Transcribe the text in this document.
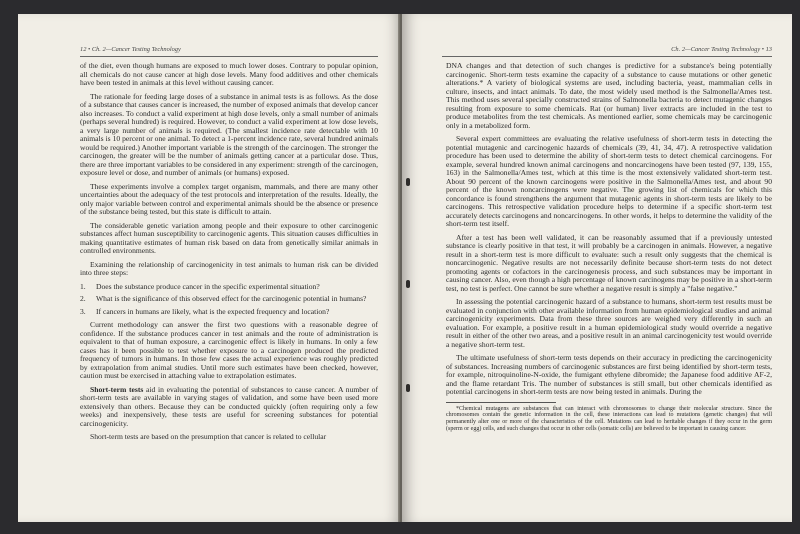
12 • Ch. 2—Cancer Testing Technology

of the diet, even though humans are exposed to much lower doses. Contrary to popular opinion, all chemicals do not cause cancer at high dose levels. Many food additives and other chemicals have been tested in animals at this level without causing cancer.

The rationale for feeding large doses of a substance in animal tests is as follows. As the dose of a substance that causes cancer is increased, the number of exposed animals that develop cancer also increases. To conduct a valid experiment at high dose levels, only a small number of animals (perhaps several hundred) is required. However, to conduct a valid experiment at low dose levels, a very large number of animals is required. (The smallest incidence rate detectable with 10 animals is 10 percent or one animal. To detect a 1-percent incidence rate, several hundred animals would be required.) Another important variable is the strength of the carcinogen. The stronger the carcinogen, the greater will be the number of animals getting cancer at a particular dose. Thus, there are three important variables to be considered in any experiment: strength of the carcinogen, exposure level or dose, and number of animals (or humans) exposed.

These experiments involve a complex target organism, mammals, and there are many other uncertainties about the adequacy of the test protocols and interpretation of the results. Ideally, the only major variable between control and experimental animals should be the absence or presence of the substance being tested, but this state is difficult to attain.

The considerable genetic variation among people and their exposure to other carcinogenic substances affect human susceptibility to carcinogenic agents. This situation causes difficulties in making quantitative estimates of human risk based on data from genetically similar animals in controlled environments.

Examining the relationship of carcinogenicity in test animals to human risk can be divided into three steps:

1.	Does the substance produce cancer in the specific experimental situation?
2.	What is the significance of this observed effect for the carcinogenic potential in humans?
3.	If cancers in humans are likely, what is the expected frequency and location?

Current methodology can answer the first two questions with a reasonable degree of confidence. If the substance produces cancer in test animals and the route of administration is equivalent to that of human exposure, a carcinogenic effect is likely in humans. In only a few cases has it been possible to test whether exposure to a carcinogen produced the predicted frequency of tumors in humans. In those few cases the actual experience was roughly predicted by extrapolation from animal studies. Until more such estimates have been checked, however, caution must be exercised in attaching value to extrapolation estimates.

Short-term tests aid in evaluating the potential of substances to cause cancer. A number of short-term tests are available in varying stages of validation, and some have been used more extensively than others. Because they can be conducted quickly (often requiring only a few weeks) and inexpensively, these tests are useful for screening substances for potential carcinogenicity.

Short-term tests are based on the presumption that cancer is related to cellular

Ch. 2—Cancer Testing Technology • 13

DNA changes and that detection of such changes is predictive for a substance's being potentially carcinogenic. Short-term tests examine the capacity of a substance to cause mutations or other genetic alterations.* A variety of biological systems are used, including bacteria, yeast, mammalian cells in culture, insects, and intact animals. To date, the most widely used method is the Salmonella/Ames test. This method uses several specially constructed strains of Salmonella bacteria to detect mutagenic changes resulting from exposure to some chemicals. Rat (or human) liver extracts are included in the test to produce metabolites from the test chemicals. As mentioned earlier, some chemicals may be carcinogenic only in a metabolized form.

Several expert committees are evaluating the relative usefulness of short-term tests in detecting the potential mutagenic and carcinogenic hazards of chemicals (39, 41, 34, 47). A retrospective validation procedure has been used to determine the ability of short-term tests to detect chemical carcinogens. For example, several hundred known animal carcinogens and noncarcinogens have been tested (97, 139, 155, 163) in the Salmonella/Ames test, which at this time is the most extensively validated short-term test. About 90 percent of the known carcinogens were positive in the Salmonella/Ames test, and about 90 percent of the known noncarcinogens were negative. The growing list of chemicals for which this concordance is found strengthens the argument that mutagenic agents in short-term tests are likely to be carcinogens. This retrospective validation procedure helps to determine if a specific short-term test accurately detects carcinogens and noncarcinogens. In other words, it helps to determine the validity of the short-term test itself.

After a test has been well validated, it can be reasonably assumed that if a previously untested substance is clearly positive in that test, it will probably be a carcinogen in animals. However, a negative result in a short-term test is more difficult to evaluate: such a result only suggests that the chemical is noncarcinogenic. Negative results are not necessarily definite because short-term tests do not detect promoting agents or cofactors in the carcinogenesis process, and such substances may be important in causing cancer. Also, even though a high percentage of known carcinogens may be positive in a short-term test, no test is perfect. One cannot be sure whether a negative result is simply a "false negative."

In assessing the potential carcinogenic hazard of a substance to humans, short-term test results must be evaluated in conjunction with other available information from human epidemiological studies and animal carcinogenicity experiments. Data from these three sources are weighed very differently in such an evaluation. For example, a positive result in a human epidemiological study would override a negative result in either of the other two areas, and a positive result in an animal carcinogenicity test would override a negative short-term test.

The ultimate usefulness of short-term tests depends on their accuracy in predicting the carcinogenicity of substances. Increasing numbers of carcinogenic substances are first being identified by short-term tests, for example, nitroquinoline-N-oxide, the fumigant ethylene dibromide; the Japanese food additive AF-2, and the flame retardant Tris. The number of substances is still small, but other chemicals identified as potential carcinogens in short-term tests are now being tested in animals. During the

*Chemical mutagens are substances that can interact with chromosomes to change their molecular structure. Since the chromosomes contain the genetic information in the cell, these interactions can lead to mutations (genetic changes) that will permanently alter one or more of the characteristics of the cell. Mutations can lead to heritable changes if they occur in the germ (sperm or egg) cells, and such changes that occur in other cells (somatic cells) are believed to be important in causing cancer.
